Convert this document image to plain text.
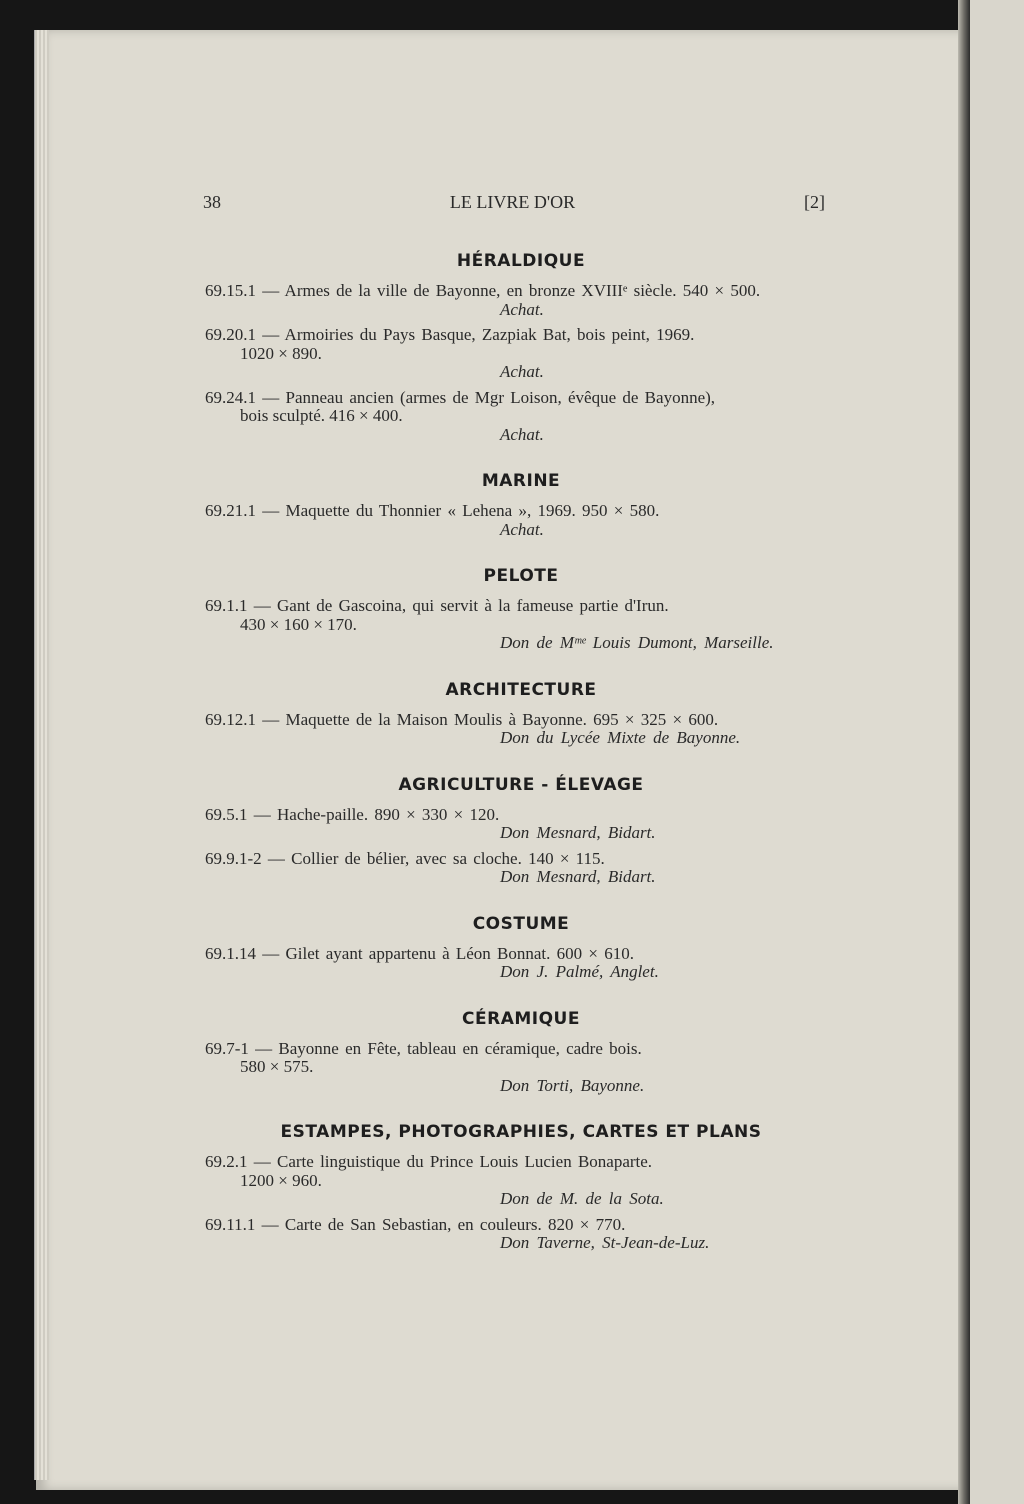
38	LE LIVRE D'OR	[2]
HÉRALDIQUE
69.15.1 — Armes de la ville de Bayonne, en bronze XVIIIᵉ siècle. 540 × 500.
Achat.
69.20.1 — Armoiries du Pays Basque, Zazpiak Bat, bois peint, 1969.
1020 × 890.
Achat.
69.24.1 — Panneau ancien (armes de Mgr Loison, évêque de Bayonne),
bois sculpté. 416 × 400.
Achat.
MARINE
69.21.1 — Maquette du Thonnier « Lehena », 1969. 950 × 580.
Achat.
PELOTE
69.1.1 — Gant de Gascoina, qui servit à la fameuse partie d'Irun.
430 × 160 × 170.
Don de Mᵐᵉ Louis Dumont, Marseille.
ARCHITECTURE
69.12.1 — Maquette de la Maison Moulis à Bayonne. 695 × 325 × 600.
Don du Lycée Mixte de Bayonne.
AGRICULTURE - ÉLEVAGE
69.5.1 — Hache-paille. 890 × 330 × 120.
Don Mesnard, Bidart.
69.9.1-2 — Collier de bélier, avec sa cloche. 140 × 115.
Don Mesnard, Bidart.
COSTUME
69.1.14 — Gilet ayant appartenu à Léon Bonnat. 600 × 610.
Don J. Palmé, Anglet.
CÉRAMIQUE
69.7-1 — Bayonne en Fête, tableau en céramique, cadre bois.
580 × 575.
Don Torti, Bayonne.
ESTAMPES, PHOTOGRAPHIES, CARTES ET PLANS
69.2.1 — Carte linguistique du Prince Louis Lucien Bonaparte.
1200 × 960.
Don de M. de la Sota.
69.11.1 — Carte de San Sebastian, en couleurs. 820 × 770.
Don Taverne, St-Jean-de-Luz.
